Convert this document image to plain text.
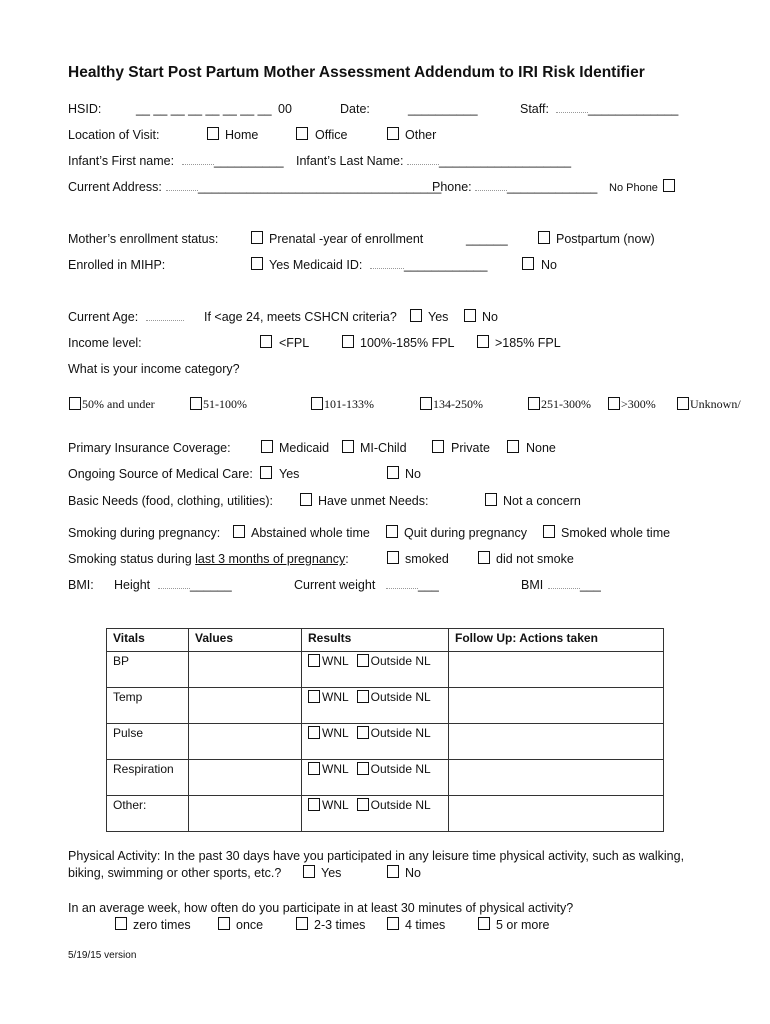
Healthy Start Post Partum Mother Assessment Addendum to IRI Risk Identifier
HSID:	__ __ __ __ __ __ __ __ 00	Date:	__________	Staff:	_____________
Location of Visit:	Home	Office	Other
Infant’s First name:	__________ Infant’s Last Name:	___________________
Current Address:	___________________________________
Phone:	_____________ No Phone
Mother’s enrollment status:	Prenatal -year of enrollment	______	Postpartum (now)
Enrolled in MIHP:	Yes Medicaid ID:	____________	No
Current Age:	If <age 24, meets CSHCN criteria? Yes	No
Income level:	<FPL	100%-185% FPL	>185% FPL
What is your income category?
50% and under	51-100%	101-133%	134-250%	251-300%	>300%	Unknown/
Primary Insurance Coverage:	Medicaid MI-Child	Private	None
Ongoing Source of Medical Care: Yes	No
Basic Needs (food, clothing, utilities):	Have unmet Needs:	Not a concern
Smoking during pregnancy: Abstained whole time	Quit during pregnancy	Smoked whole time
Smoking status during last 3 months of pregnancy:	smoked	did not smoke
BMI: Height	______	Current weight	___	BMI	___
Vitals	Values	Results	Follow Up: Actions taken
BP		WNL Outside NL	
Temp		WNL Outside NL	
Pulse		WNL Outside NL	
Respiration		WNL Outside NL	
Other:		WNL Outside NL	
Physical Activity: In the past 30 days have you participated in any leisure time physical activity, such as walking,
biking, swimming or other sports, etc.?	Yes	No
In an average week, how often do you participate in at least 30 minutes of physical activity?
zero times	once	2-3 times	4 times	5 or more
5/19/15 version
